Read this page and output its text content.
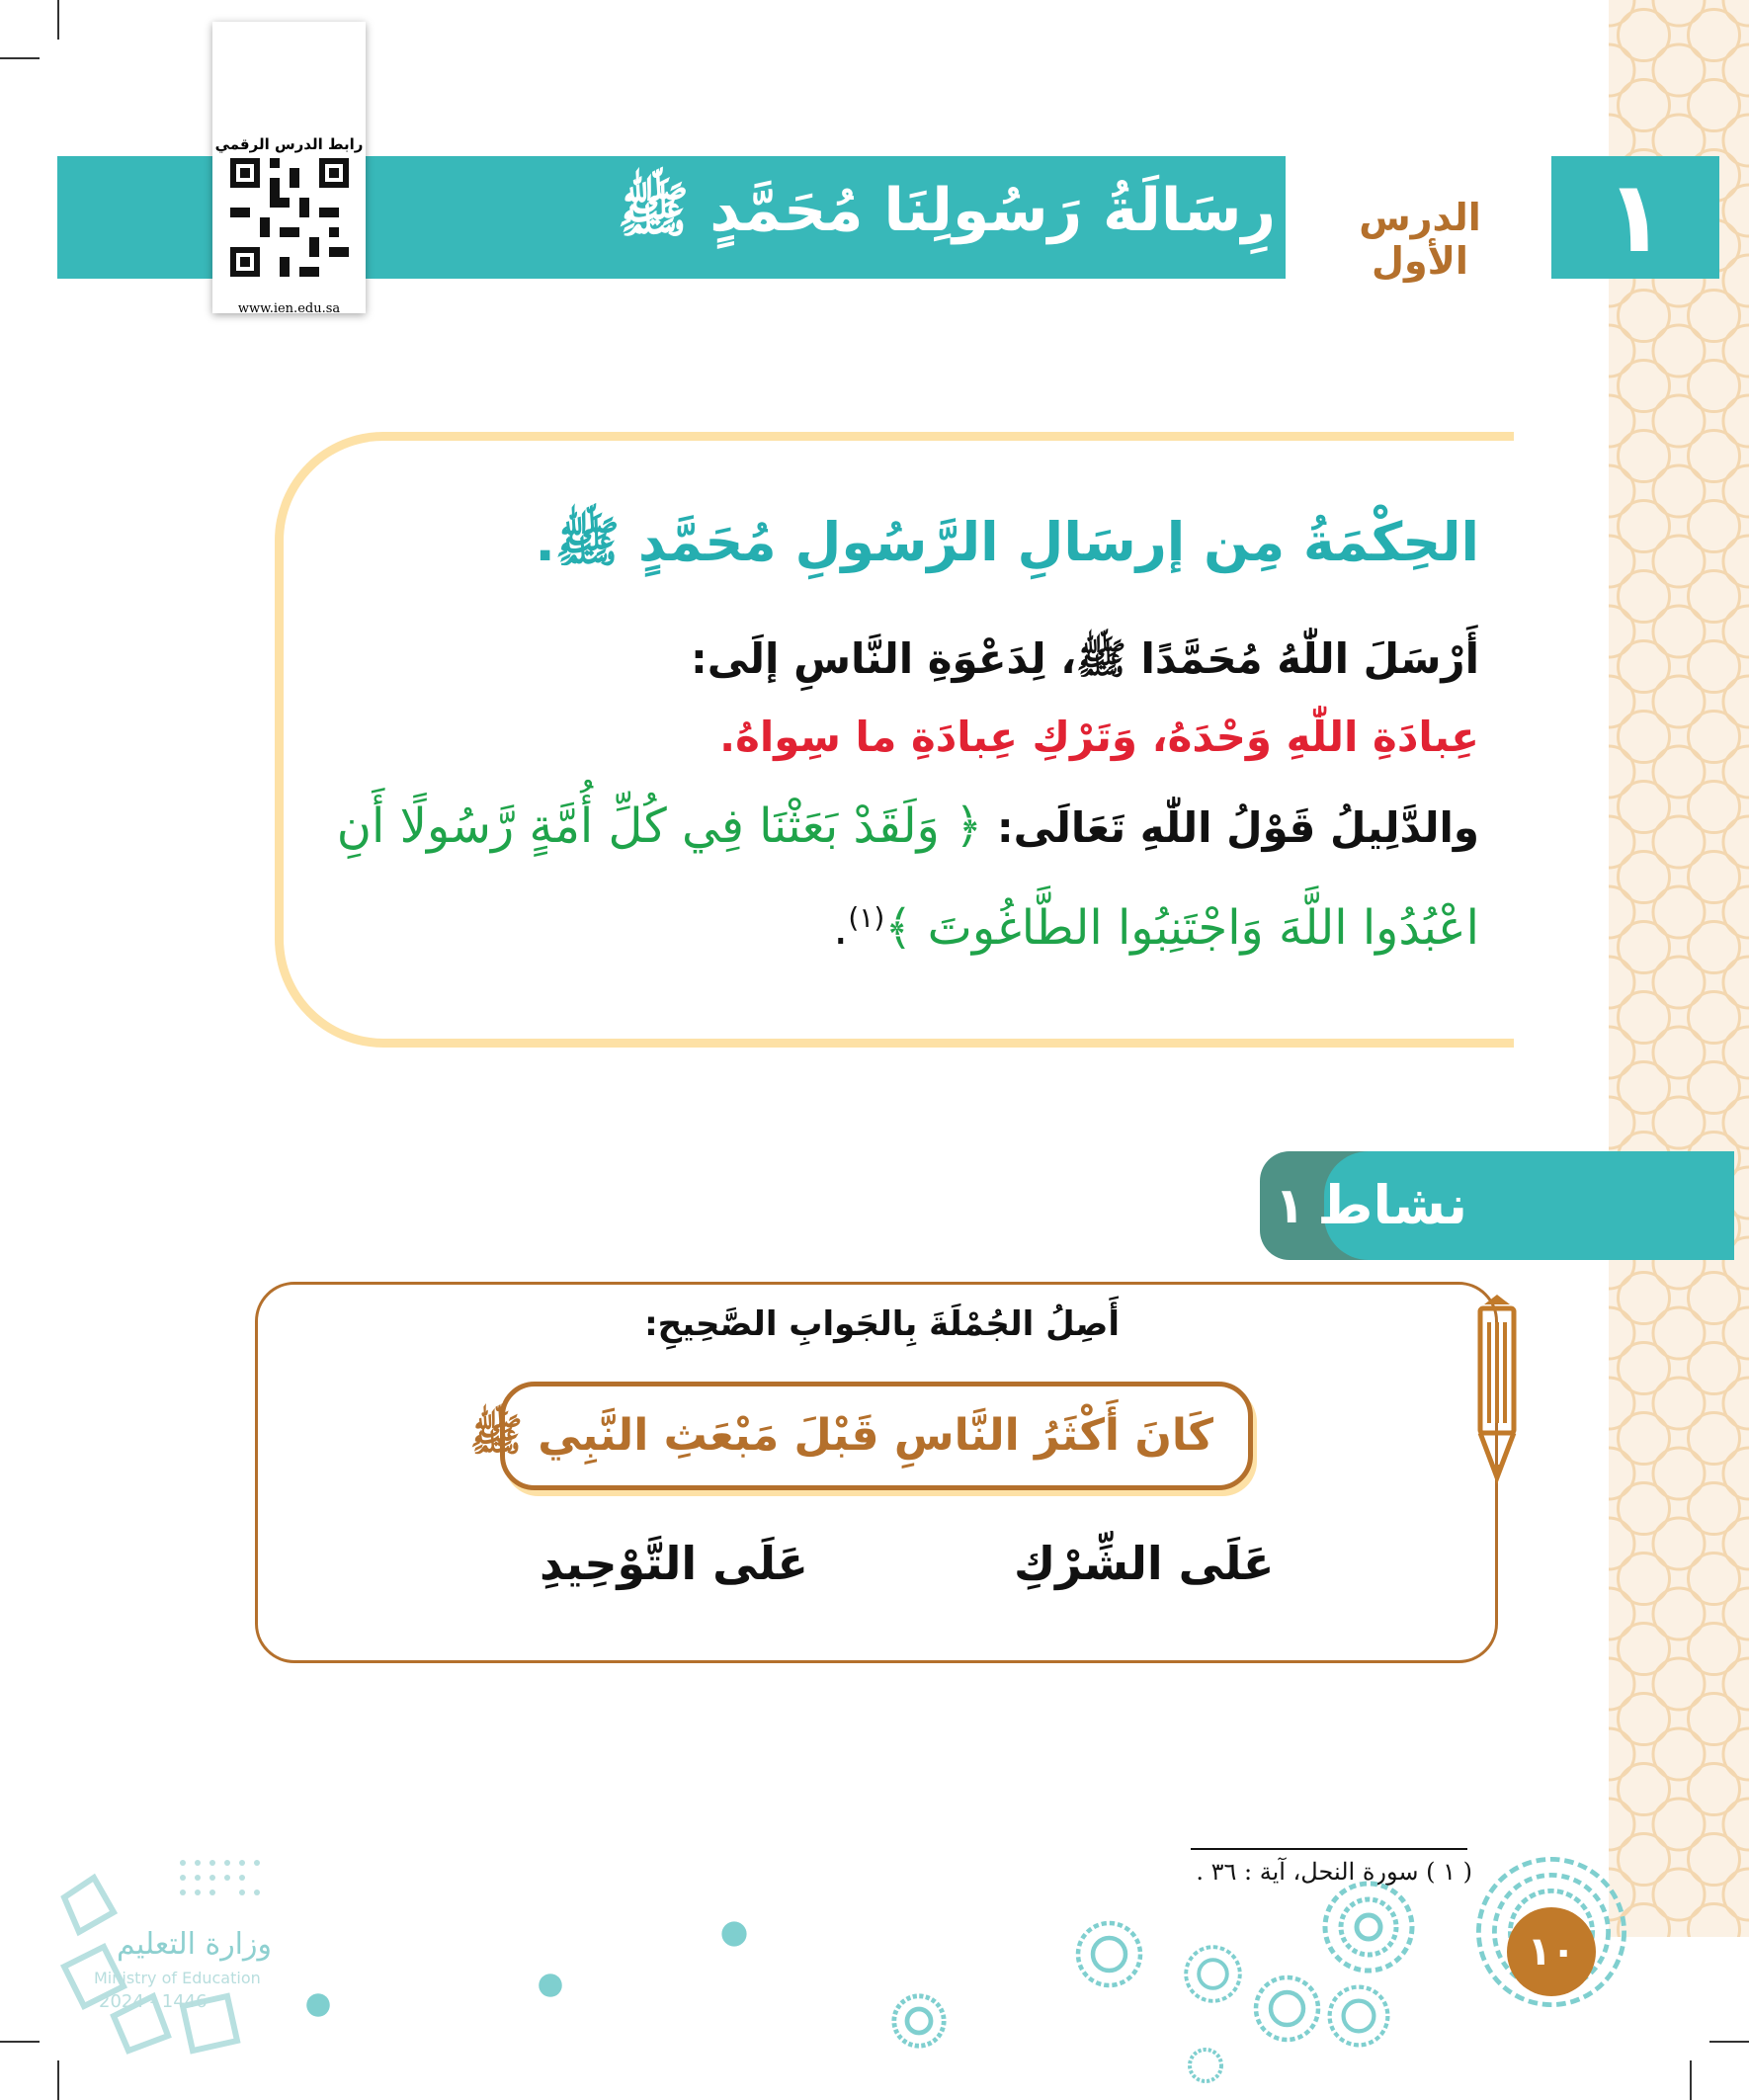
رِسَالَةُ رَسُولِنَا مُحَمَّدٍ ﷺ	الدرس الأول	١
رابط الدرس الرقمي
www.ien.edu.sa
الحِكْمَةُ مِن إرسَالِ الرَّسُولِ مُحَمَّدٍ ﷺ.
أَرْسَلَ اللّٰهُ مُحَمَّدًا ﷺ، لِدَعْوَةِ النَّاسِ إلَى:
عِبادَةِ اللّٰهِ وَحْدَهُ، وَتَرْكِ عِبادَةِ ما سِواهُ.
والدَّلِيلُ قَوْلُ اللّٰهِ تَعَالَى: ﴿ وَلَقَدْ بَعَثْنَا فِي كُلِّ أُمَّةٍ رَّسُولًا أَنِ
اعْبُدُوا اللَّهَ وَاجْتَنِبُوا الطَّاغُوتَ ﴾$^{(١)}$.
١ نشاط
أَصِلُ الجُمْلَةَ بِالجَوابِ الصَّحِيحِ:
كَانَ أَكْثَرُ النَّاسِ قَبْلَ مَبْعَثِ النَّبِي ﷺ
عَلَى الشِّرْكِ
عَلَى التَّوْحِيدِ
( ١ ) سورة النحل، آية : ٣٦ .
١٠
وزارة التعليم
Ministry of Education
2024 - 1446
